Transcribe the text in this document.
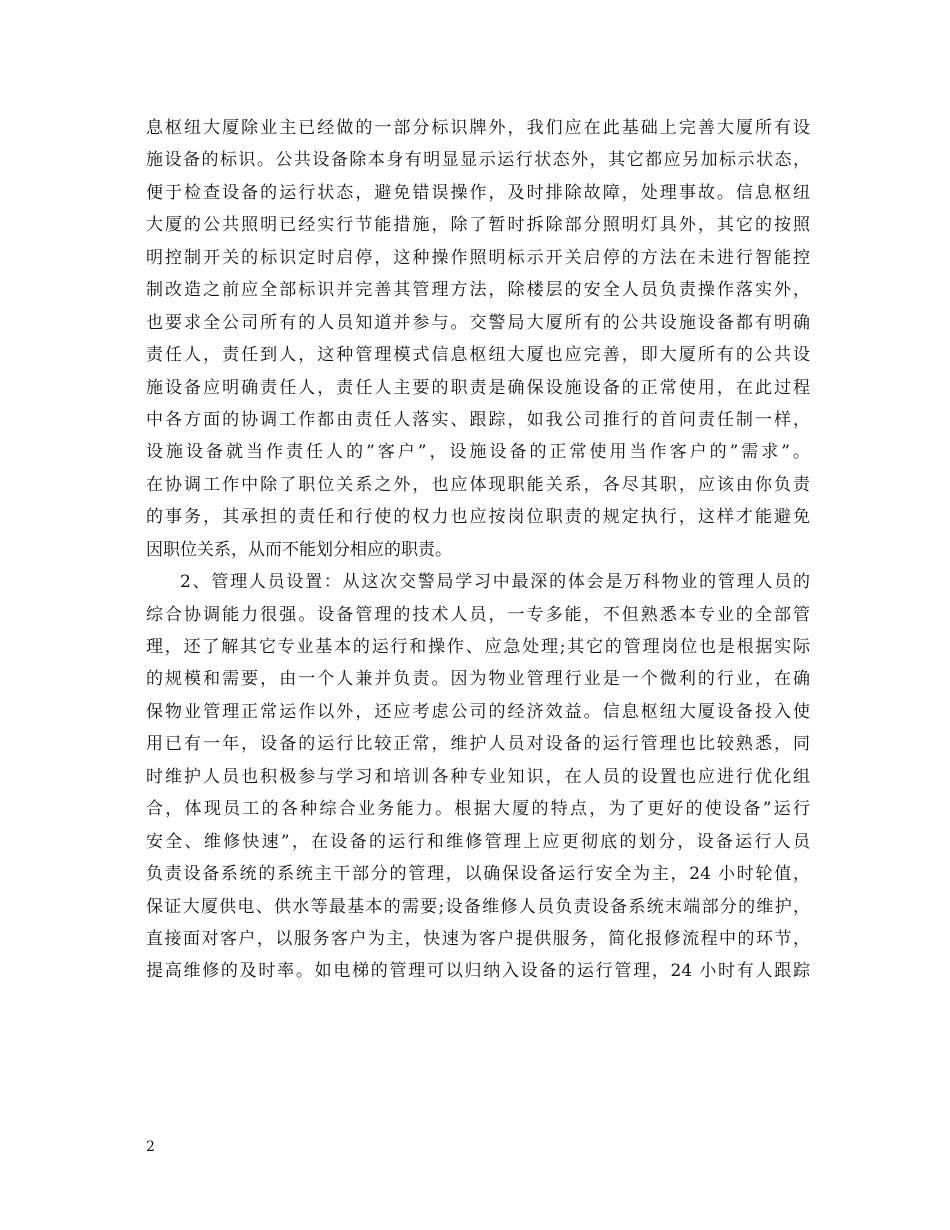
息枢纽大厦除业主已经做的一部分标识牌外，我们应在此基础上完善大厦所有设
施设备的标识。公共设备除本身有明显显示运行状态外，其它都应另加标示状态，
便于检查设备的运行状态，避免错误操作，及时排除故障，处理事故。信息枢纽
大厦的公共照明已经实行节能措施，除了暂时拆除部分照明灯具外，其它的按照
明控制开关的标识定时启停，这种操作照明标示开关启停的方法在未进行智能控
制改造之前应全部标识并完善其管理方法，除楼层的安全人员负责操作落实外，
也要求全公司所有的人员知道并参与。交警局大厦所有的公共设施设备都有明确
责任人，责任到人，这种管理模式信息枢纽大厦也应完善，即大厦所有的公共设
施设备应明确责任人，责任人主要的职责是确保设施设备的正常使用，在此过程
中各方面的协调工作都由责任人落实、跟踪，如我公司推行的首问责任制一样，
设施设备就当作责任人的”客户”，设施设备的正常使用当作客户的”需求”。
在协调工作中除了职位关系之外，也应体现职能关系，各尽其职，应该由你负责
的事务，其承担的责任和行使的权力也应按岗位职责的规定执行，这样才能避免
因职位关系，从而不能划分相应的职责。
2、管理人员设置：从这次交警局学习中最深的体会是万科物业的管理人员的
综合协调能力很强。设备管理的技术人员，一专多能，不但熟悉本专业的全部管
理，还了解其它专业基本的运行和操作、应急处理;其它的管理岗位也是根据实际
的规模和需要，由一个人兼并负责。因为物业管理行业是一个微利的行业，在确
保物业管理正常运作以外，还应考虑公司的经济效益。信息枢纽大厦设备投入使
用已有一年，设备的运行比较正常，维护人员对设备的运行管理也比较熟悉，同
时维护人员也积极参与学习和培训各种专业知识，在人员的设置也应进行优化组
合，体现员工的各种综合业务能力。根据大厦的特点，为了更好的使设备”运行
安全、维修快速”，在设备的运行和维修管理上应更彻底的划分，设备运行人员
负责设备系统的系统主干部分的管理，以确保设备运行安全为主，24 小时轮值，
保证大厦供电、供水等最基本的需要;设备维修人员负责设备系统末端部分的维护，
直接面对客户，以服务客户为主，快速为客户提供服务，简化报修流程中的环节，
提高维修的及时率。如电梯的管理可以归纳入设备的运行管理，24 小时有人跟踪
2
